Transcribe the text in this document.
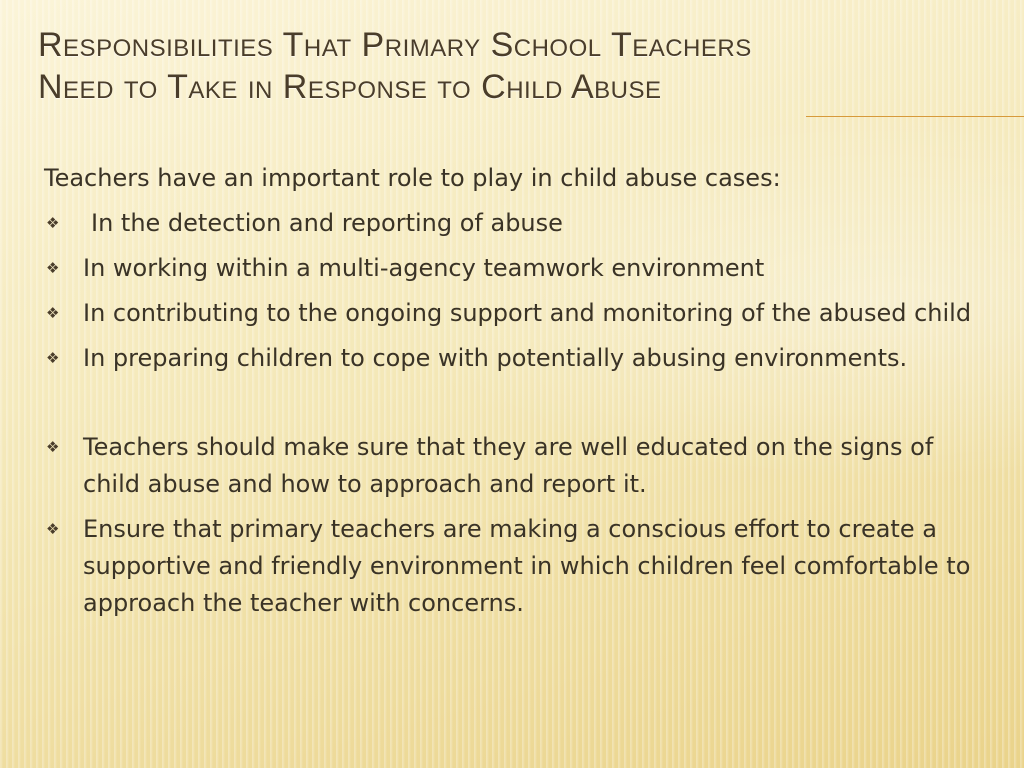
Responsibilities That Primary School Teachers
Need to Take in Response to Child Abuse

Teachers have an important role to play in child abuse cases:

❖ In the detection and reporting of abuse
❖ In working within a multi-agency teamwork environment
❖ In contributing to the ongoing support and monitoring of the abused child
❖ In preparing children to cope with potentially abusing environments.
❖ Teachers should make sure that they are well educated on the signs of child abuse and how to approach and report it.
❖ Ensure that primary teachers are making a conscious effort to create a supportive and friendly environment in which children feel comfortable to approach the teacher with concerns.
